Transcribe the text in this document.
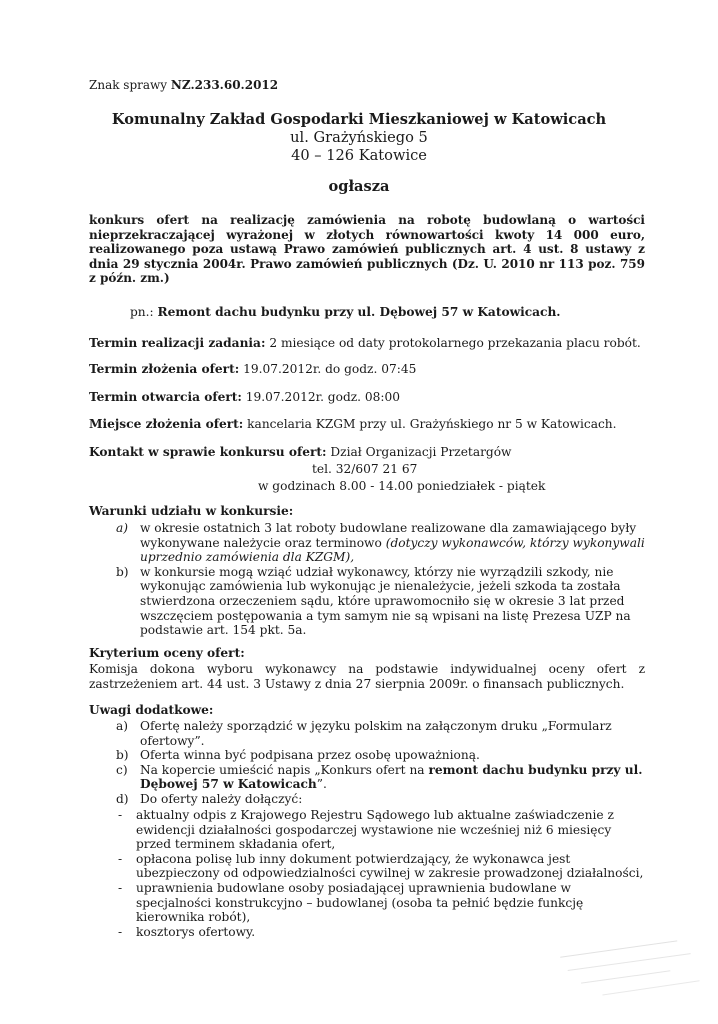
Znak sprawy NZ.233.60.2012
Komunalny Zakład Gospodarki Mieszkaniowej w Katowicach
ul. Grażyńskiego 5
40 – 126 Katowice
ogłasza
konkurs ofert na realizację zamówienia na robotę budowlaną o wartości nieprzekraczającej wyrażonej w złotych równowartości kwoty 14 000 euro, realizowanego poza ustawą Prawo zamówień publicznych art. 4 ust. 8 ustawy z dnia 29 stycznia 2004r. Prawo zamówień publicznych (Dz. U. 2010 nr 113 poz. 759 z późn. zm.)
pn.: Remont dachu budynku przy ul. Dębowej 57 w Katowicach.
Termin realizacji zadania: 2 miesiące od daty protokolarnego przekazania placu robót.
Termin złożenia ofert: 19.07.2012r. do godz. 07:45
Termin otwarcia ofert: 19.07.2012r. godz. 08:00
Miejsce złożenia ofert: kancelaria KZGM przy ul. Grażyńskiego nr 5 w Katowicach.
Kontakt w sprawie konkursu ofert: Dział Organizacji Przetargów
tel. 32/607 21 67
w godzinach 8.00 - 14.00 poniedziałek - piątek
Warunki udziału w konkursie:
a) w okresie ostatnich 3 lat roboty budowlane realizowane dla zamawiającego były wykonywane należycie oraz terminowo (dotyczy wykonawców, którzy wykonywali uprzednio zamówienia dla KZGM),
b) w konkursie mogą wziąć udział wykonawcy, którzy nie wyrządzili szkody, nie wykonując zamówienia lub wykonując je nienależycie, jeżeli szkoda ta została stwierdzona orzeczeniem sądu, które uprawomocniło się w okresie 3 lat przed wszczęciem postępowania a tym samym nie są wpisani na listę Prezesa UZP na podstawie art. 154 pkt. 5a.
Kryterium oceny ofert:
Komisja dokona wyboru wykonawcy na podstawie indywidualnej oceny ofert z zastrzeżeniem art. 44 ust. 3 Ustawy z dnia 27 sierpnia 2009r. o finansach publicznych.
Uwagi dodatkowe:
a) Ofertę należy sporządzić w języku polskim na załączonym druku „Formularz ofertowy”.
b) Oferta winna być podpisana przez osobę upoważnioną.
c) Na kopercie umieścić napis „Konkurs ofert na remont dachu budynku przy ul. Dębowej 57 w Katowicach”.
d) Do oferty należy dołączyć:
- aktualny odpis z Krajowego Rejestru Sądowego lub aktualne zaświadczenie z ewidencji działalności gospodarczej wystawione nie wcześniej niż 6 miesięcy przed terminem składania ofert,
- opłacona polisę lub inny dokument potwierdzający, że wykonawca jest ubezpieczony od odpowiedzialności cywilnej w zakresie prowadzonej działalności,
- uprawnienia budowlane osoby posiadającej uprawnienia budowlane w specjalności konstrukcyjno – budowlanej (osoba ta pełnić będzie funkcję kierownika robót),
- kosztorys ofertowy.
